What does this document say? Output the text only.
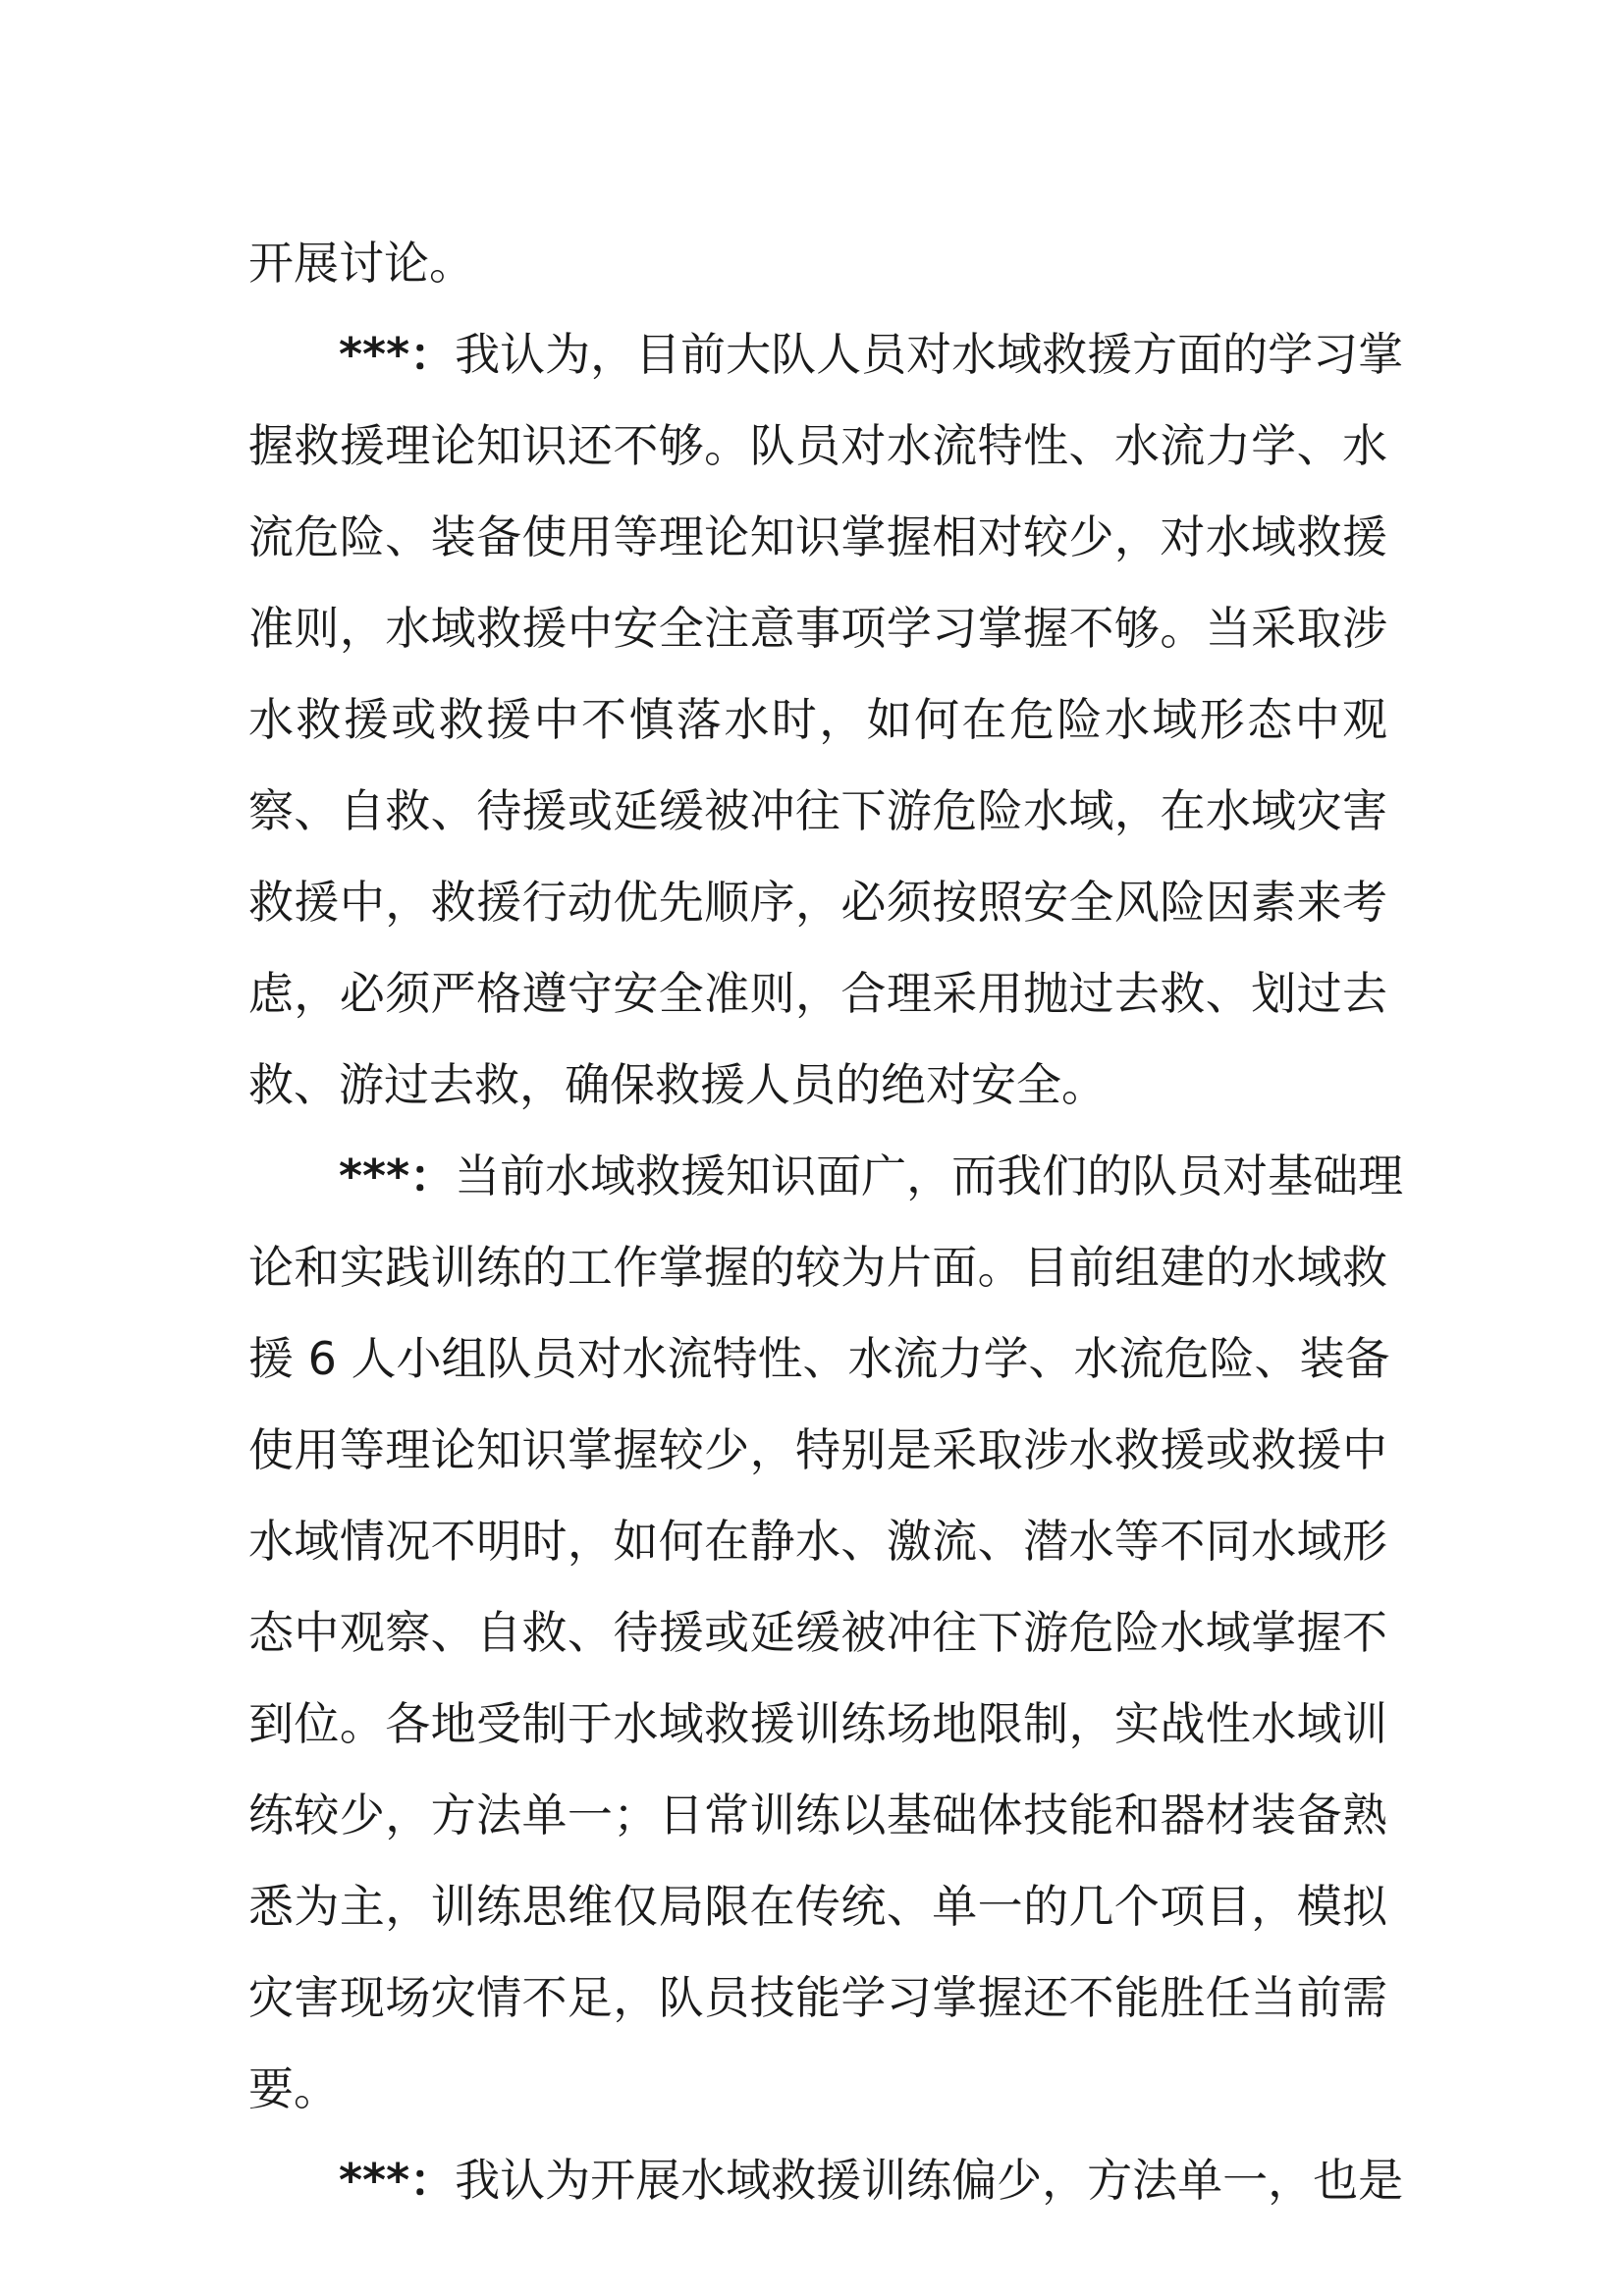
开展讨论。
***：我认为，目前大队人员对水域救援方面的学习掌
握救援理论知识还不够。队员对水流特性、水流力学、水
流危险、装备使用等理论知识掌握相对较少，对水域救援
准则，水域救援中安全注意事项学习掌握不够。当采取涉
水救援或救援中不慎落水时，如何在危险水域形态中观
察、自救、待援或延缓被冲往下游危险水域，在水域灾害
救援中，救援行动优先顺序，必须按照安全风险因素来考
虑，必须严格遵守安全准则，合理采用抛过去救、划过去
救、游过去救，确保救援人员的绝对安全。
***：当前水域救援知识面广，而我们的队员对基础理
论和实践训练的工作掌握的较为片面。目前组建的水域救
援 6 人小组队员对水流特性、水流力学、水流危险、装备
使用等理论知识掌握较少，特别是采取涉水救援或救援中
水域情况不明时，如何在静水、激流、潜水等不同水域形
态中观察、自救、待援或延缓被冲往下游危险水域掌握不
到位。各地受制于水域救援训练场地限制，实战性水域训
练较少，方法单一；日常训练以基础体技能和器材装备熟
悉为主，训练思维仅局限在传统、单一的几个项目，模拟
灾害现场灾情不足，队员技能学习掌握还不能胜任当前需
要。
***：我认为开展水域救援训练偏少，方法单一，也是
